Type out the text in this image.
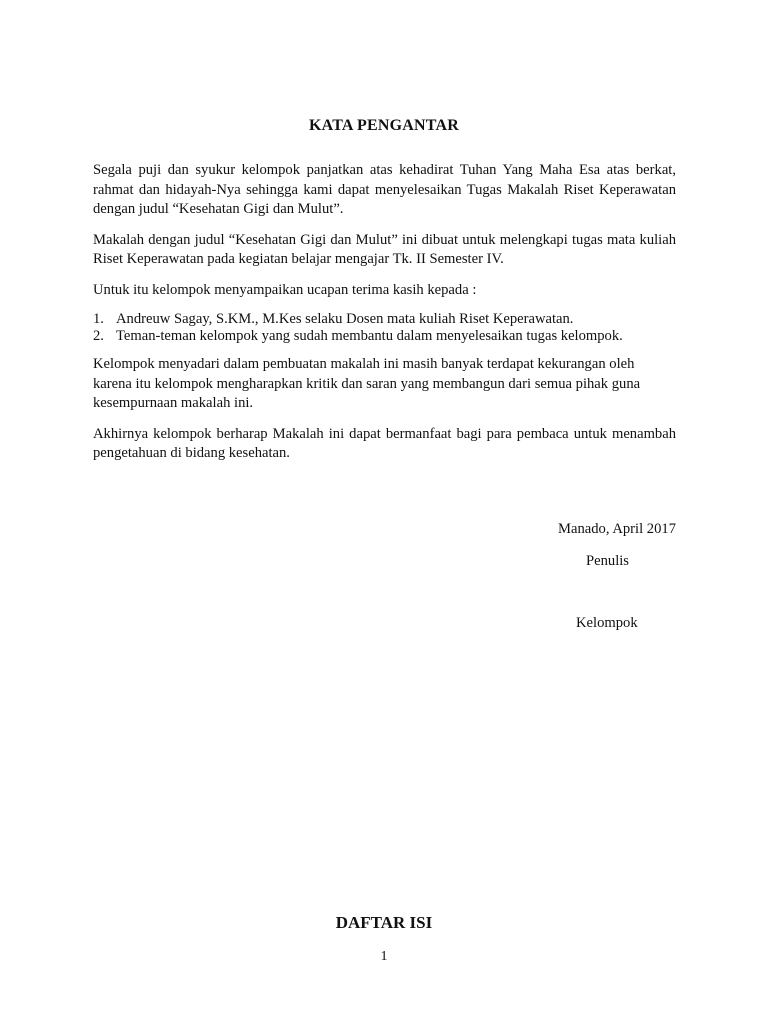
KATA PENGANTAR

Segala puji dan syukur kelompok panjatkan atas kehadirat Tuhan Yang Maha Esa atas berkat, rahmat dan hidayah-Nya sehingga kami dapat menyelesaikan Tugas Makalah Riset Keperawatan dengan judul “Kesehatan Gigi dan Mulut”.

Makalah dengan judul “Kesehatan Gigi dan Mulut” ini dibuat untuk melengkapi tugas mata kuliah Riset Keperawatan pada kegiatan belajar mengajar Tk. II Semester IV.

Untuk itu kelompok menyampaikan ucapan terima kasih kepada :

1. Andreuw Sagay, S.KM., M.Kes selaku Dosen mata kuliah Riset Keperawatan.
2. Teman-teman kelompok yang sudah membantu dalam menyelesaikan tugas kelompok.

Kelompok menyadari dalam pembuatan makalah ini masih banyak terdapat kekurangan oleh karena itu kelompok mengharapkan kritik dan saran yang membangun dari semua pihak guna kesempurnaan makalah ini.

Akhirnya kelompok berharap Makalah ini dapat bermanfaat bagi para pembaca untuk menambah pengetahuan di bidang kesehatan.

Manado, April 2017
Penulis
Kelompok
DAFTAR ISI
1
